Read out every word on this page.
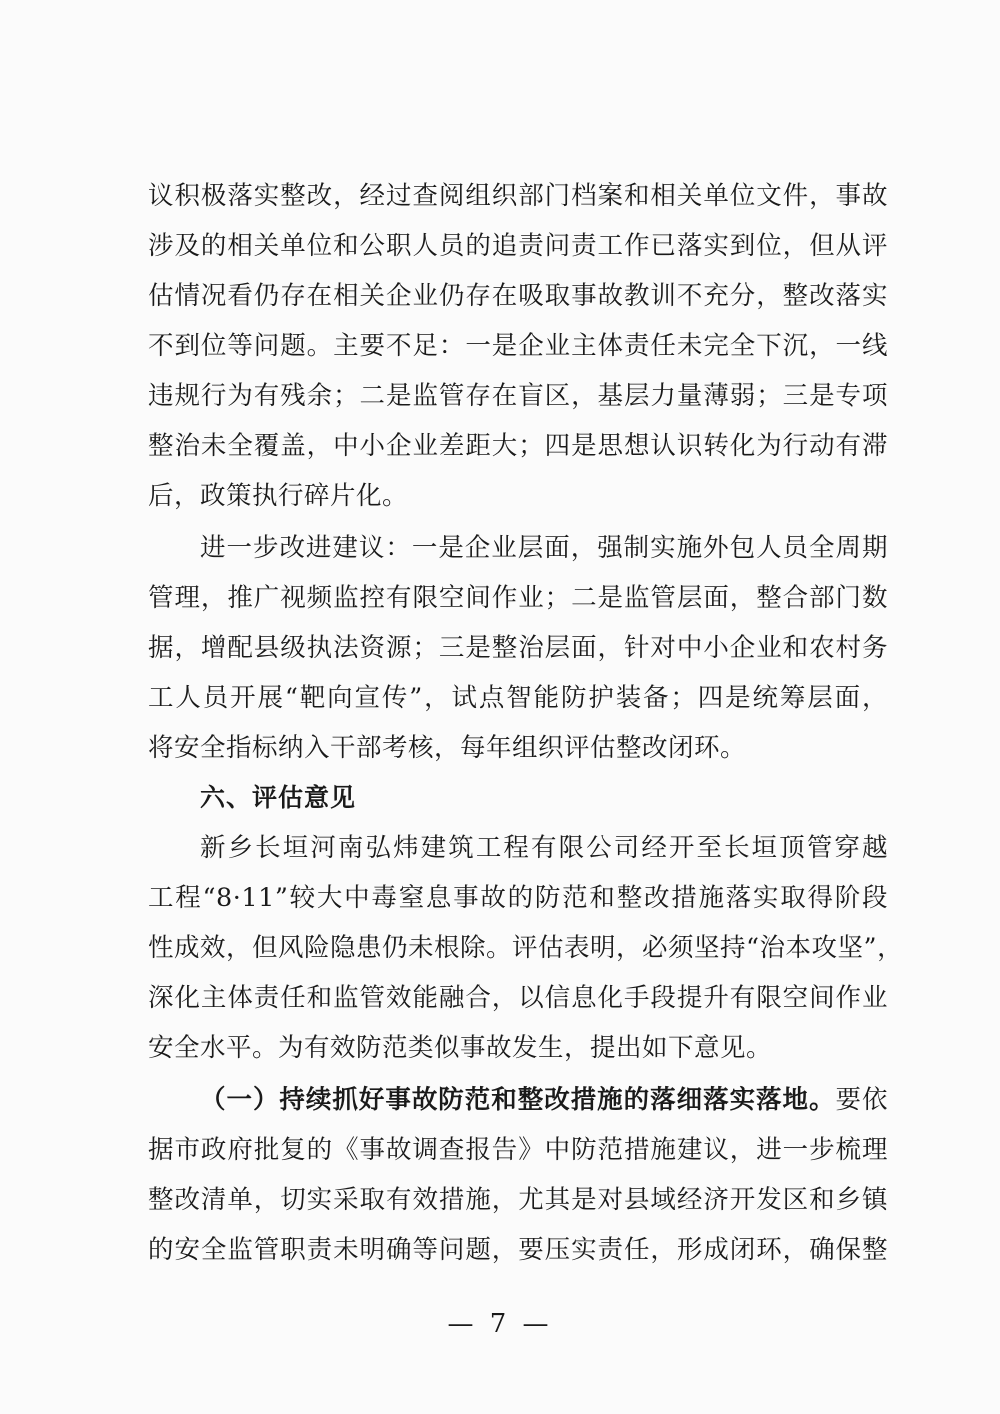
议积极落实整改，经过查阅组织部门档案和相关单位文件，事故
涉及的相关单位和公职人员的追责问责工作已落实到位，但从评
估情况看仍存在相关企业仍存在吸取事故教训不充分，整改落实
不到位等问题。主要不足：一是企业主体责任未完全下沉，一线
违规行为有残余；二是监管存在盲区，基层力量薄弱；三是专项
整治未全覆盖，中小企业差距大；四是思想认识转化为行动有滞
后，政策执行碎片化。
进一步改进建议：一是企业层面，强制实施外包人员全周期
管理，推广视频监控有限空间作业；二是监管层面，整合部门数
据，增配县级执法资源；三是整治层面，针对中小企业和农村务
工人员开展“靶向宣传”，试点智能防护装备；四是统筹层面，
将安全指标纳入干部考核，每年组织评估整改闭环。
六、评估意见
新乡长垣河南弘炜建筑工程有限公司经开至长垣顶管穿越
工程“8·11”较大中毒窒息事故的防范和整改措施落实取得阶段
性成效，但风险隐患仍未根除。评估表明，必须坚持“治本攻坚”，
深化主体责任和监管效能融合，以信息化手段提升有限空间作业
安全水平。为有效防范类似事故发生，提出如下意见。
（一）持续抓好事故防范和整改措施的落细落实落地。要依
据市政府批复的《事故调查报告》中防范措施建议，进一步梳理
整改清单，切实采取有效措施，尤其是对县域经济开发区和乡镇
的安全监管职责未明确等问题，要压实责任，形成闭环，确保整
— 7 —
